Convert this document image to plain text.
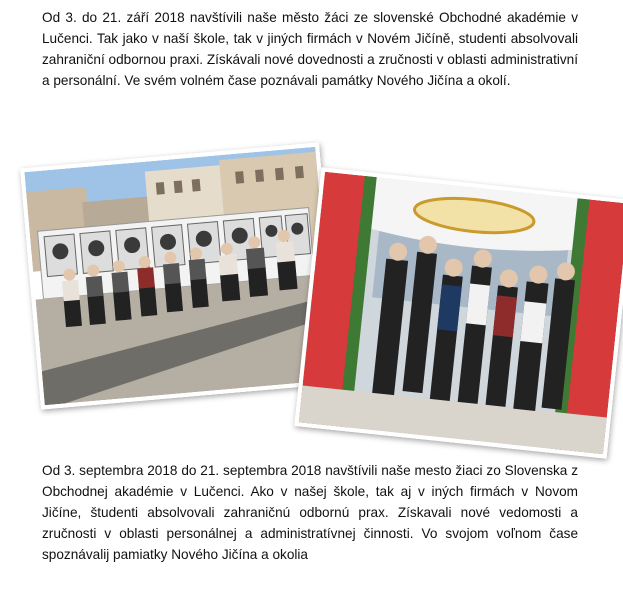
Od 3. do 21. září 2018 navštívili naše město žáci ze slovenské Obchodné akadémie v Lučenci. Tak jako v naší škole, tak v jiných firmách v Novém Jičíně, studenti absolvovali zahraniční odbornou praxi. Získávali nové dovednosti a zručnosti v oblasti administrativní a personální. Ve svém volném čase poznávali památky Nového Jičína a okolí.

Od 3. septembra 2018 do 21. septembra 2018 navštívili naše mesto žiaci zo Slovenska z Obchodnej akadémie v Lučenci. Ako v našej škole, tak aj v iných firmách v Novom Jičíne, študenti absolvovali zahraničnú odbornú prax. Získavali nové vedomosti a zručnosti v oblasti personálnej a administratívnej činnosti. Vo svojom voľnom čase spoznávalij pamiatky Nového Jičína a okolia
